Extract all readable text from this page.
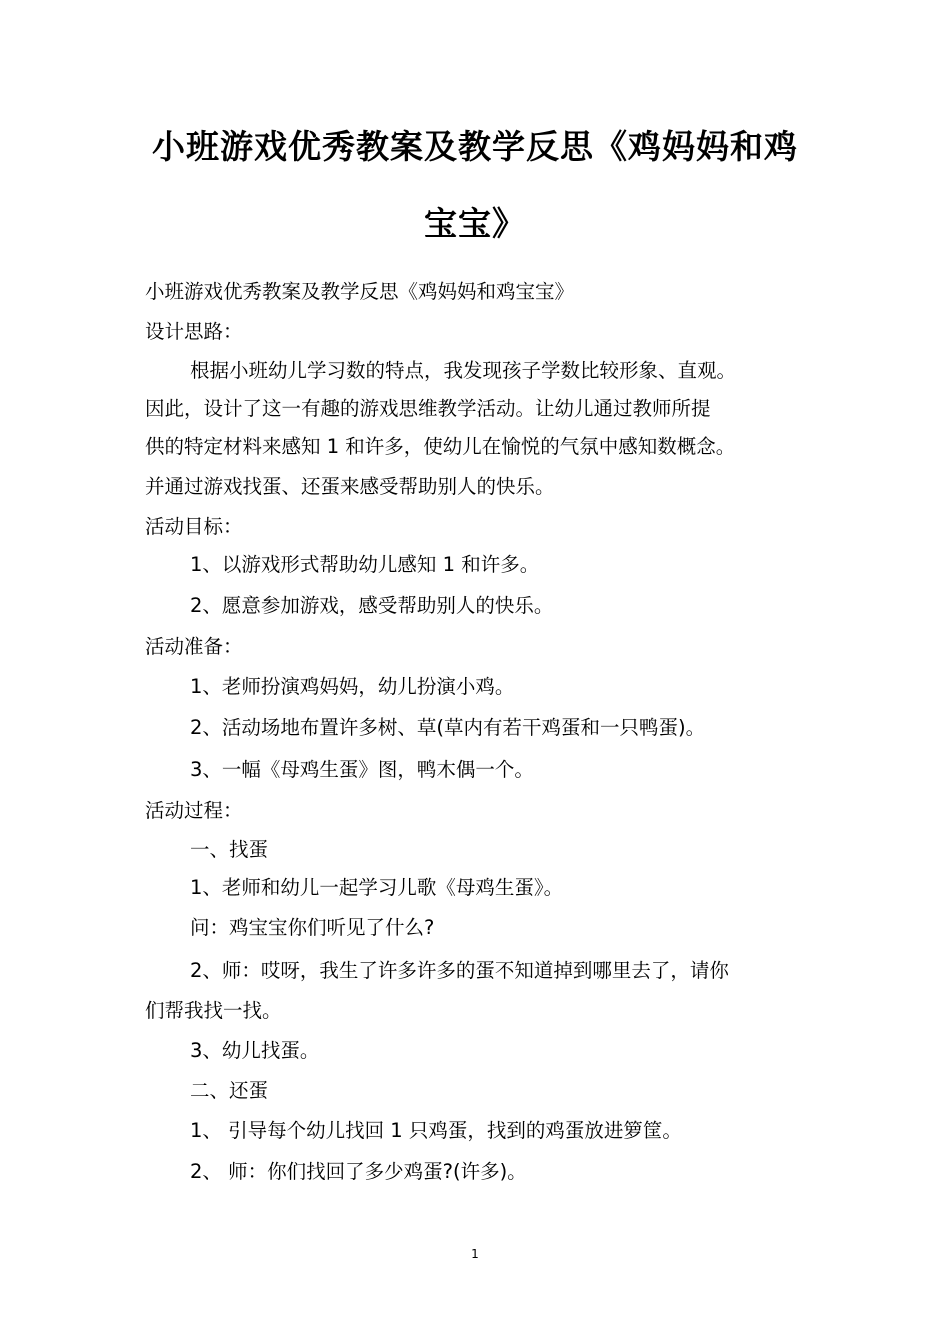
小班游戏优秀教案及教学反思《鸡妈妈和鸡
宝宝》
小班游戏优秀教案及教学反思《鸡妈妈和鸡宝宝》
设计思路：
根据小班幼儿学习数的特点，我发现孩子学数比较形象、直观。
因此，设计了这一有趣的游戏思维教学活动。让幼儿通过教师所提
供的特定材料来感知 1 和许多，使幼儿在愉悦的气氛中感知数概念。
并通过游戏找蛋、还蛋来感受帮助别人的快乐。
活动目标：
1、以游戏形式帮助幼儿感知 1 和许多。
2、愿意参加游戏，感受帮助别人的快乐。
活动准备：
1、老师扮演鸡妈妈，幼儿扮演小鸡。
2、活动场地布置许多树、草(草内有若干鸡蛋和一只鸭蛋)。
3、一幅《母鸡生蛋》图，鸭木偶一个。
活动过程：
一、找蛋
1、老师和幼儿一起学习儿歌《母鸡生蛋》。
问：鸡宝宝你们听见了什么?
2、师：哎呀，我生了许多许多的蛋不知道掉到哪里去了，请你
们帮我找一找。
3、幼儿找蛋。
二、还蛋
1、 引导每个幼儿找回 1 只鸡蛋，找到的鸡蛋放进箩筐。
2、 师：你们找回了多少鸡蛋?(许多)。
1
